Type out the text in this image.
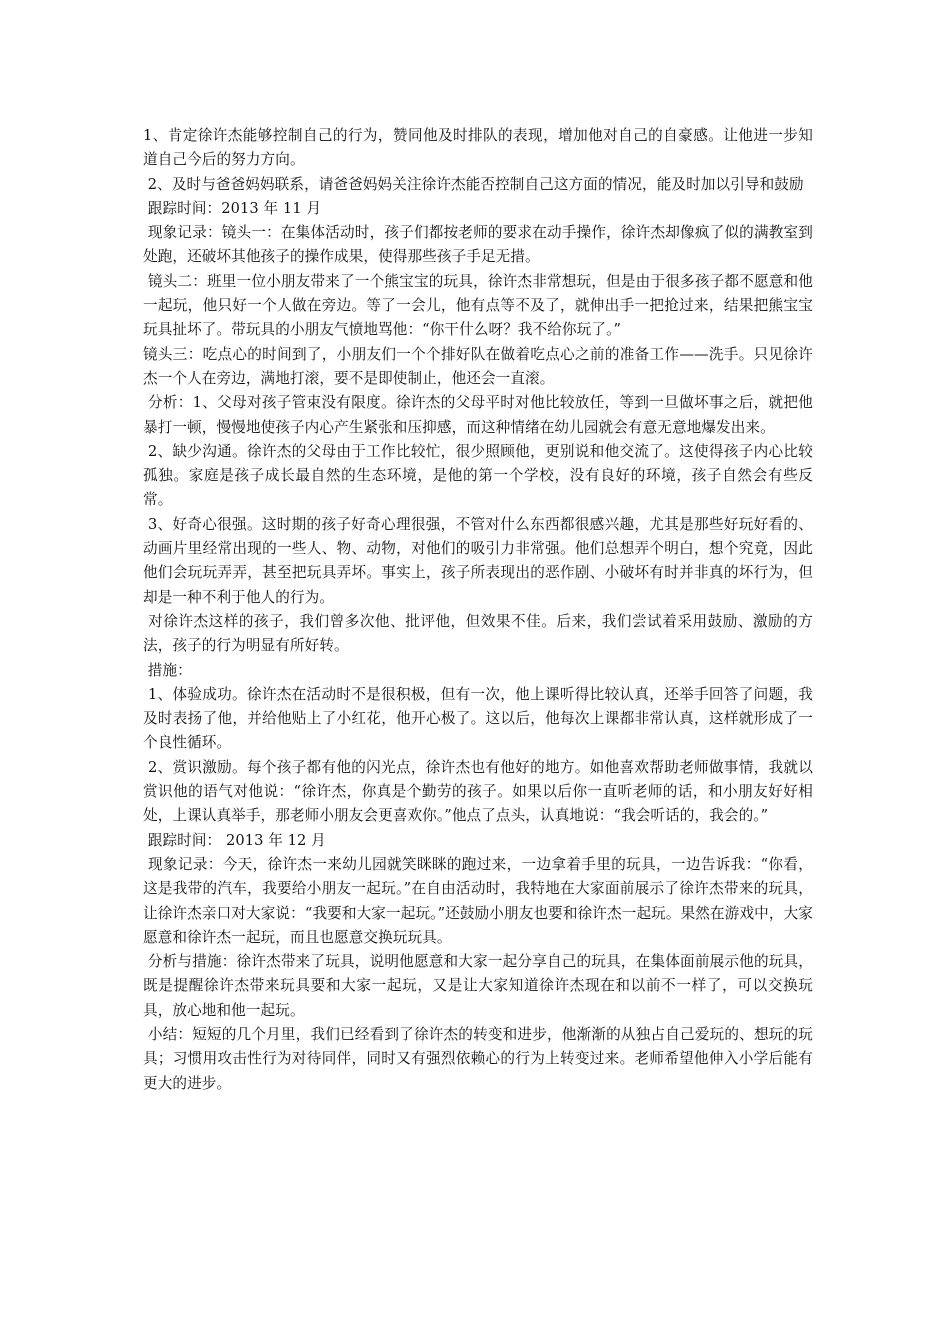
1、肯定徐许杰能够控制自己的行为，赞同他及时排队的表现，增加他对自己的自豪感。让他进一步知道自己今后的努力方向。

2、及时与爸爸妈妈联系，请爸爸妈妈关注徐许杰能否控制自己这方面的情况，能及时加以引导和鼓励

跟踪时间：2013 年 11 月

现象记录：镜头一：在集体活动时，孩子们都按老师的要求在动手操作，徐许杰却像疯了似的满教室到处跑，还破坏其他孩子的操作成果，使得那些孩子手足无措。

镜头二：班里一位小朋友带来了一个熊宝宝的玩具，徐许杰非常想玩，但是由于很多孩子都不愿意和他一起玩，他只好一个人做在旁边。等了一会儿，他有点等不及了，就伸出手一把抢过来，结果把熊宝宝玩具扯坏了。带玩具的小朋友气愤地骂他：“你干什么呀？我不给你玩了。”

镜头三：吃点心的时间到了，小朋友们一个个排好队在做着吃点心之前的准备工作——洗手。只见徐许杰一个人在旁边，满地打滚，要不是即使制止，他还会一直滚。

分析：1、父母对孩子管束没有限度。徐许杰的父母平时对他比较放任，等到一旦做坏事之后，就把他暴打一顿，慢慢地使孩子内心产生紧张和压抑感，而这种情绪在幼儿园就会有意无意地爆发出来。

2、缺少沟通。徐许杰的父母由于工作比较忙，很少照顾他，更别说和他交流了。这使得孩子内心比较孤独。家庭是孩子成长最自然的生态环境，是他的第一个学校，没有良好的环境，孩子自然会有些反常。

3、好奇心很强。这时期的孩子好奇心理很强，不管对什么东西都很感兴趣，尤其是那些好玩好看的、动画片里经常出现的一些人、物、动物，对他们的吸引力非常强。他们总想弄个明白，想个究竟，因此他们会玩玩弄弄，甚至把玩具弄坏。事实上，孩子所表现出的恶作剧、小破坏有时并非真的坏行为，但却是一种不利于他人的行为。

对徐许杰这样的孩子，我们曾多次他、批评他，但效果不佳。后来，我们尝试着采用鼓励、激励的方法，孩子的行为明显有所好转。

措施：

1、体验成功。徐许杰在活动时不是很积极，但有一次，他上课听得比较认真，还举手回答了问题，我及时表扬了他，并给他贴上了小红花，他开心极了。这以后，他每次上课都非常认真，这样就形成了一个良性循环。

2、赏识激励。每个孩子都有他的闪光点，徐许杰也有他好的地方。如他喜欢帮助老师做事情，我就以赏识他的语气对他说：“徐许杰，你真是个勤劳的孩子。如果以后你一直听老师的话，和小朋友好好相处，上课认真举手，那老师小朋友会更喜欢你。”他点了点头，认真地说：“我会听话的，我会的。”

跟踪时间： 2013 年 12 月

现象记录：今天，徐许杰一来幼儿园就笑眯眯的跑过来，一边拿着手里的玩具，一边告诉我：“你看，这是我带的汽车，我要给小朋友一起玩。”在自由活动时，我特地在大家面前展示了徐许杰带来的玩具，让徐许杰亲口对大家说：“我要和大家一起玩。”还鼓励小朋友也要和徐许杰一起玩。果然在游戏中，大家愿意和徐许杰一起玩，而且也愿意交换玩玩具。

分析与措施：徐许杰带来了玩具，说明他愿意和大家一起分享自己的玩具，在集体面前展示他的玩具，既是提醒徐许杰带来玩具要和大家一起玩，又是让大家知道徐许杰现在和以前不一样了，可以交换玩具，放心地和他一起玩。

小结：短短的几个月里，我们已经看到了徐许杰的转变和进步，他渐渐的从独占自己爱玩的、想玩的玩具；习惯用攻击性行为对待同伴，同时又有强烈依赖心的行为上转变过来。老师希望他伸入小学后能有更大的进步。
